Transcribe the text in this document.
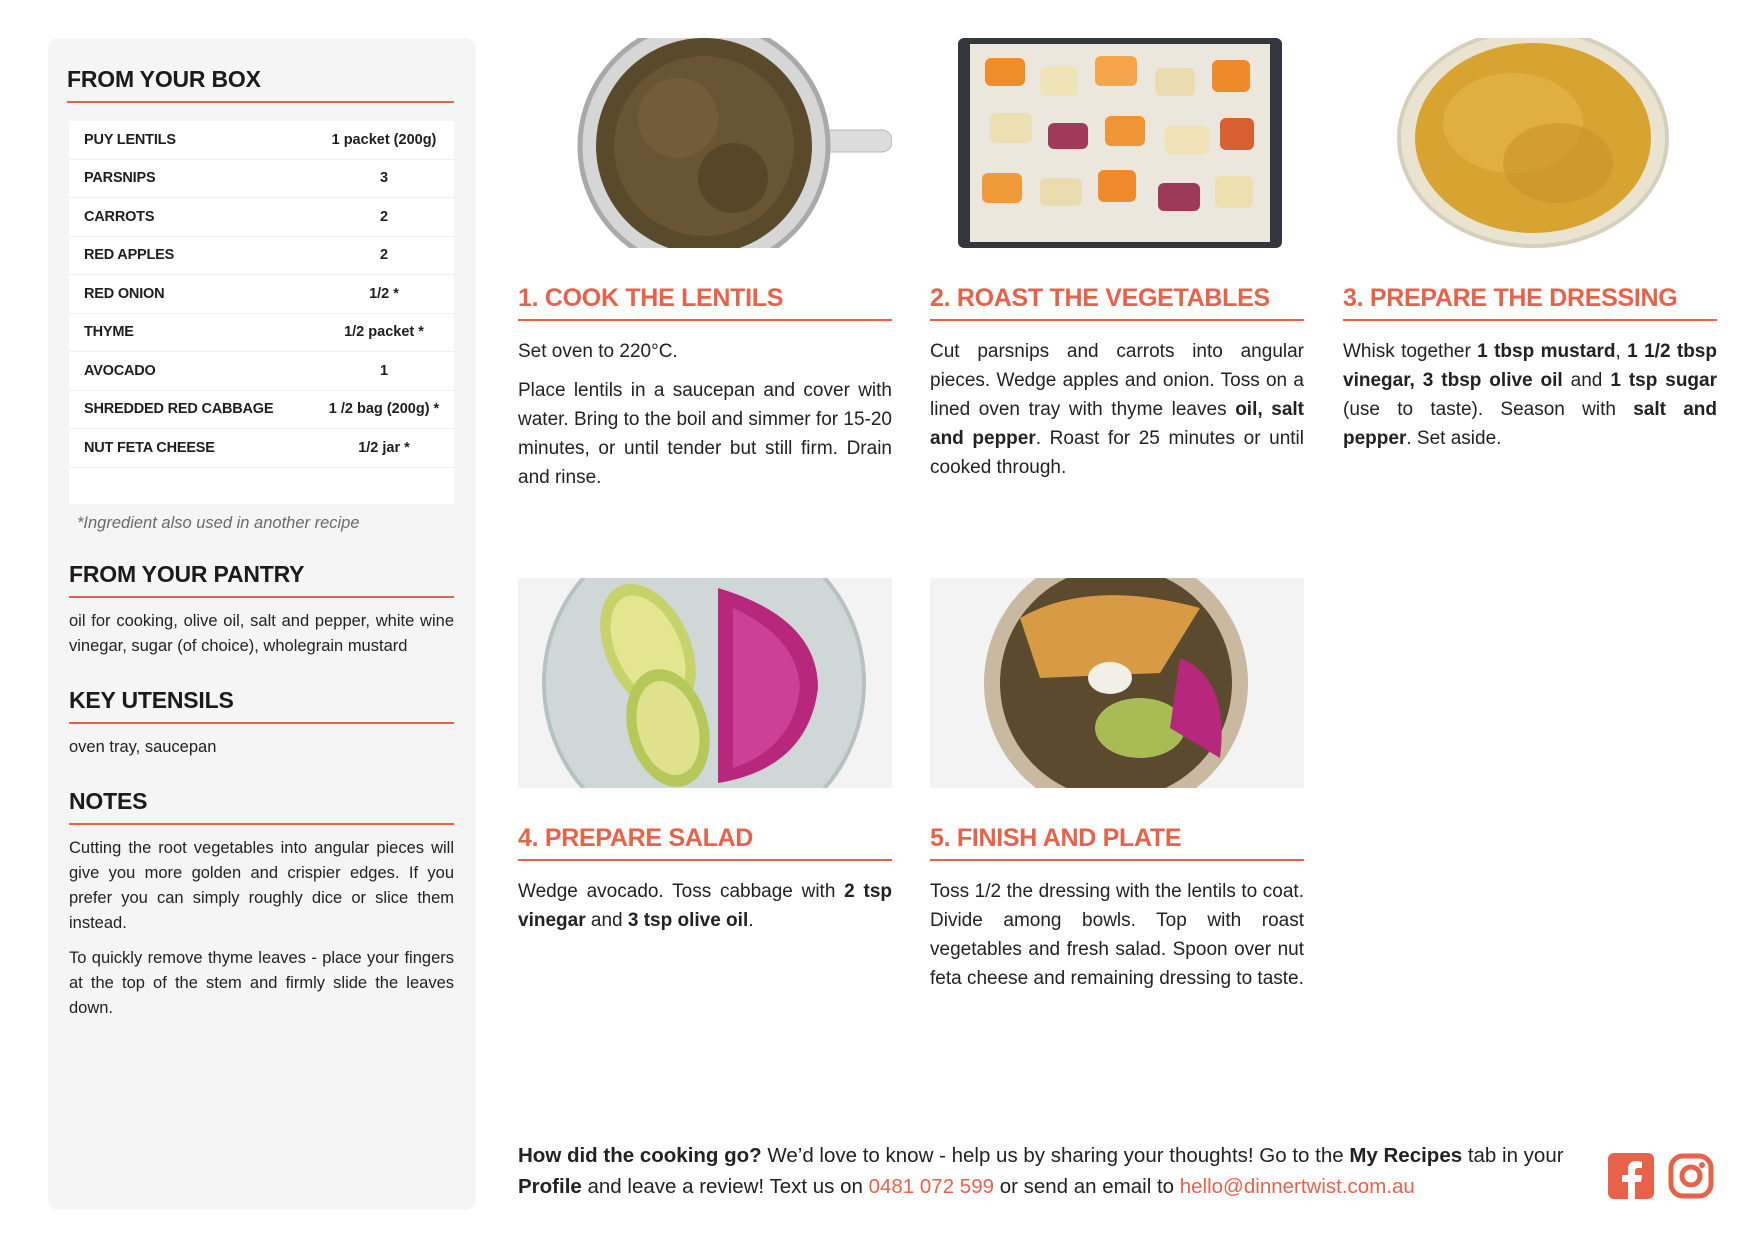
FROM YOUR BOX
PUY LENTILS	1 packet (200g)
PARSNIPS	3
CARROTS	2
RED APPLES	2
RED ONION	1/2 *
THYME	1/2 packet *
AVOCADO	1
SHREDDED RED CABBAGE	1 /2 bag (200g) *
NUT FETA CHEESE	1/2 jar *

*Ingredient also used in another recipe

FROM YOUR PANTRY

oil for cooking, olive oil, salt and pepper, white wine vinegar, sugar (of choice), wholegrain mustard

KEY UTENSILS

oven tray, saucepan

NOTES

Cutting the root vegetables into angular pieces will give you more golden and crispier edges. If you prefer you can simply roughly dice or slice them instead.

To quickly remove thyme leaves - place your fingers at the top of the stem and firmly slide the leaves down.

1. COOK THE LENTILS

Set oven to 220°C.

Place lentils in a saucepan and cover with water. Bring to the boil and simmer for 15-20 minutes, or until tender but still firm. Drain and rinse.

2. ROAST THE VEGETABLES

Cut parsnips and carrots into angular pieces. Wedge apples and onion. Toss on a lined oven tray with thyme leaves oil, salt and pepper. Roast for 25 minutes or until cooked through.

3. PREPARE THE DRESSING

Whisk together 1 tbsp mustard, 1 1/2 tbsp vinegar, 3 tbsp olive oil and 1 tsp sugar (use to taste). Season with salt and pepper. Set aside.

4. PREPARE SALAD

Wedge avocado. Toss cabbage with 2 tsp vinegar and 3 tsp olive oil.

5. FINISH AND PLATE

Toss 1/2 the dressing with the lentils to coat. Divide among bowls. Top with roast vegetables and fresh salad. Spoon over nut feta cheese and remaining dressing to taste.

How did the cooking go? We’d love to know - help us by sharing your thoughts! Go to the My Recipes tab in your Profile and leave a review! Text us on 0481 072 599 or send an email to hello@dinnertwist.com.au
